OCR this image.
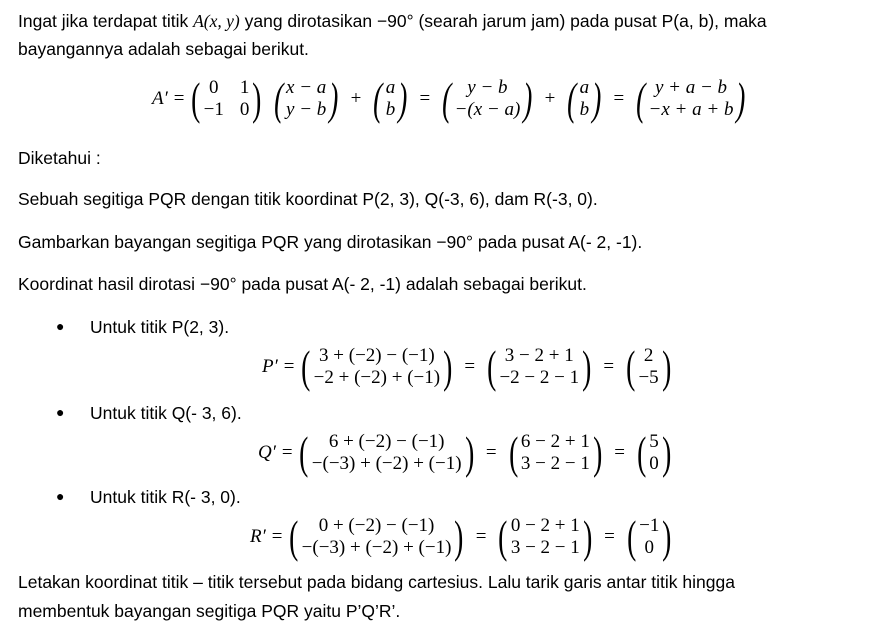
Ingat jika terdapat titik A(x, y) yang dirotasikan −90° (searah jarum jam) pada pusat P(a, b), maka
bayangannya adalah sebagai berikut.
A′ = ( 0 1
−1 0 ) ( x − a
y − b ) + ( a
b ) = ( y − b
−(x − a) ) + ( a
b ) = ( y + a − b
−x + a + b )
Diketahui :
Sebuah segitiga PQR dengan titik koordinat P(2, 3), Q(-3, 6), dam R(-3, 0).
Gambarkan bayangan segitiga PQR yang dirotasikan −90° pada pusat A(- 2, -1).
Koordinat hasil dirotasi −90° pada pusat A(- 2, -1) adalah sebagai berikut.
● Untuk titik P(2, 3).
P′ = ( 3 + (−2) − (−1)
−2 + (−2) + (−1) ) = ( 3 − 2 + 1
−2 − 2 − 1 ) = ( 2
−5 )
● Untuk titik Q(- 3, 6).
Q′ = ( 6 + (−2) − (−1)
−(−3) + (−2) + (−1) ) = ( 6 − 2 + 1
3 − 2 − 1 ) = ( 5
0 )
● Untuk titik R(- 3, 0).
R′ = ( 0 + (−2) − (−1)
−(−3) + (−2) + (−1) ) = ( 0 − 2 + 1
3 − 2 − 1 ) = ( −1
0 )
Letakan koordinat titik – titik tersebut pada bidang cartesius. Lalu tarik garis antar titik hingga
membentuk bayangan segitiga PQR yaitu P’Q’R’.
